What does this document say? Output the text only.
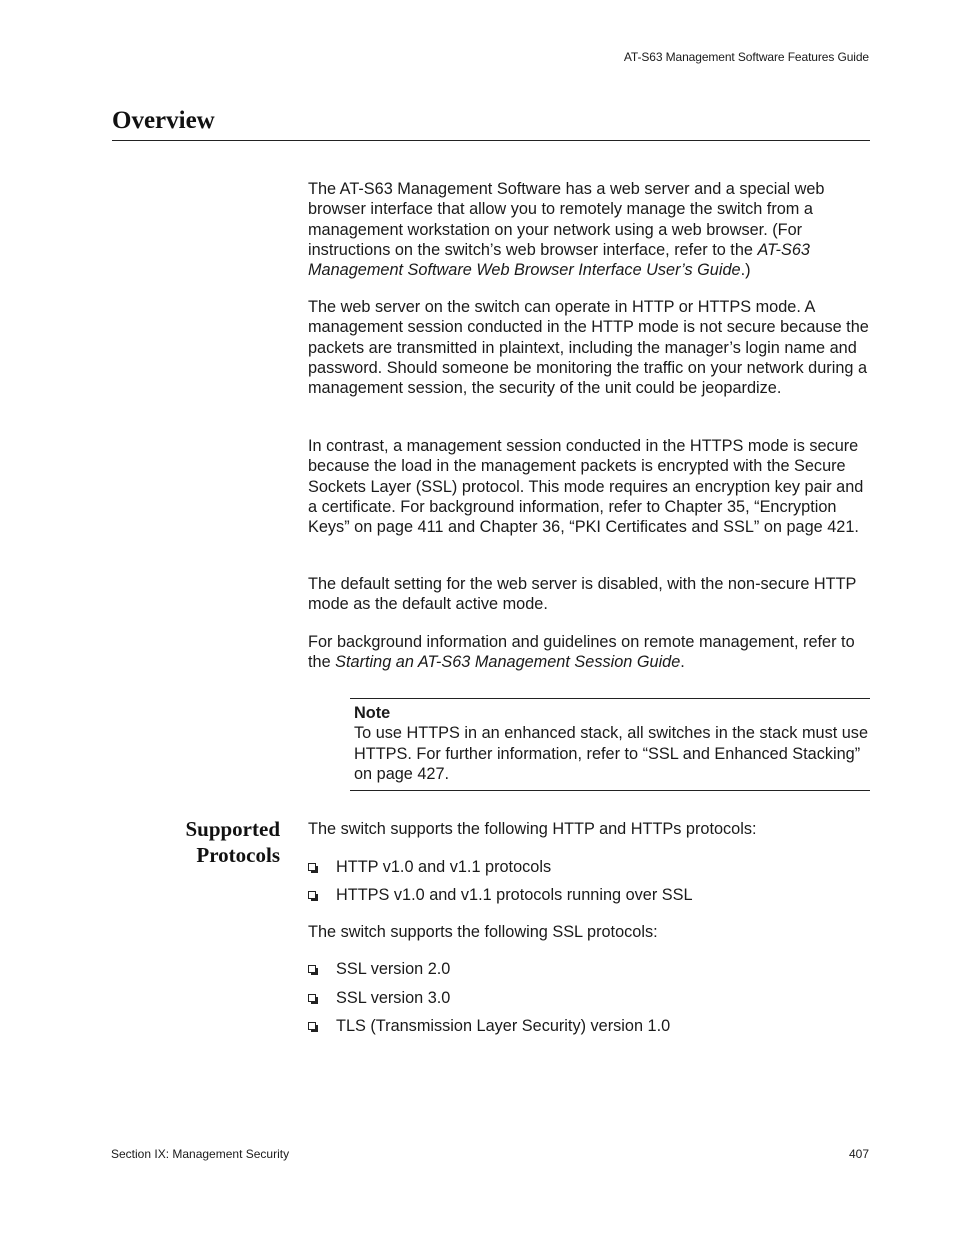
AT-S63 Management Software Features Guide
Overview

The AT-S63 Management Software has a web server and a special web browser interface that allow you to remotely manage the switch from a management workstation on your network using a web browser. (For instructions on the switch’s web browser interface, refer to the AT-S63 Management Software Web Browser Interface User’s Guide.)

The web server on the switch can operate in HTTP or HTTPS mode. A management session conducted in the HTTP mode is not secure because the packets are transmitted in plaintext, including the manager’s login name and password. Should someone be monitoring the traffic on your network during a management session, the security of the unit could be jeopardize.

In contrast, a management session conducted in the HTTPS mode is secure because the load in the management packets is encrypted with the Secure Sockets Layer (SSL) protocol. This mode requires an encryption key pair and a certificate. For background information, refer to Chapter 35, “Encryption Keys” on page 411 and Chapter 36, “PKI Certificates and SSL” on page 421.

The default setting for the web server is disabled, with the non-secure HTTP mode as the default active mode.

For background information and guidelines on remote management, refer to the Starting an AT-S63 Management Session Guide.

Note
To use HTTPS in an enhanced stack, all switches in the stack must use HTTPS. For further information, refer to “SSL and Enhanced Stacking” on page 427.
Supported
Protocols

The switch supports the following HTTP and HTTPs protocols:

HTTP v1.0 and v1.1 protocols
HTTPS v1.0 and v1.1 protocols running over SSL

The switch supports the following SSL protocols:

SSL version 2.0
SSL version 3.0
TLS (Transmission Layer Security) version 1.0
Section IX: Management Security	407
